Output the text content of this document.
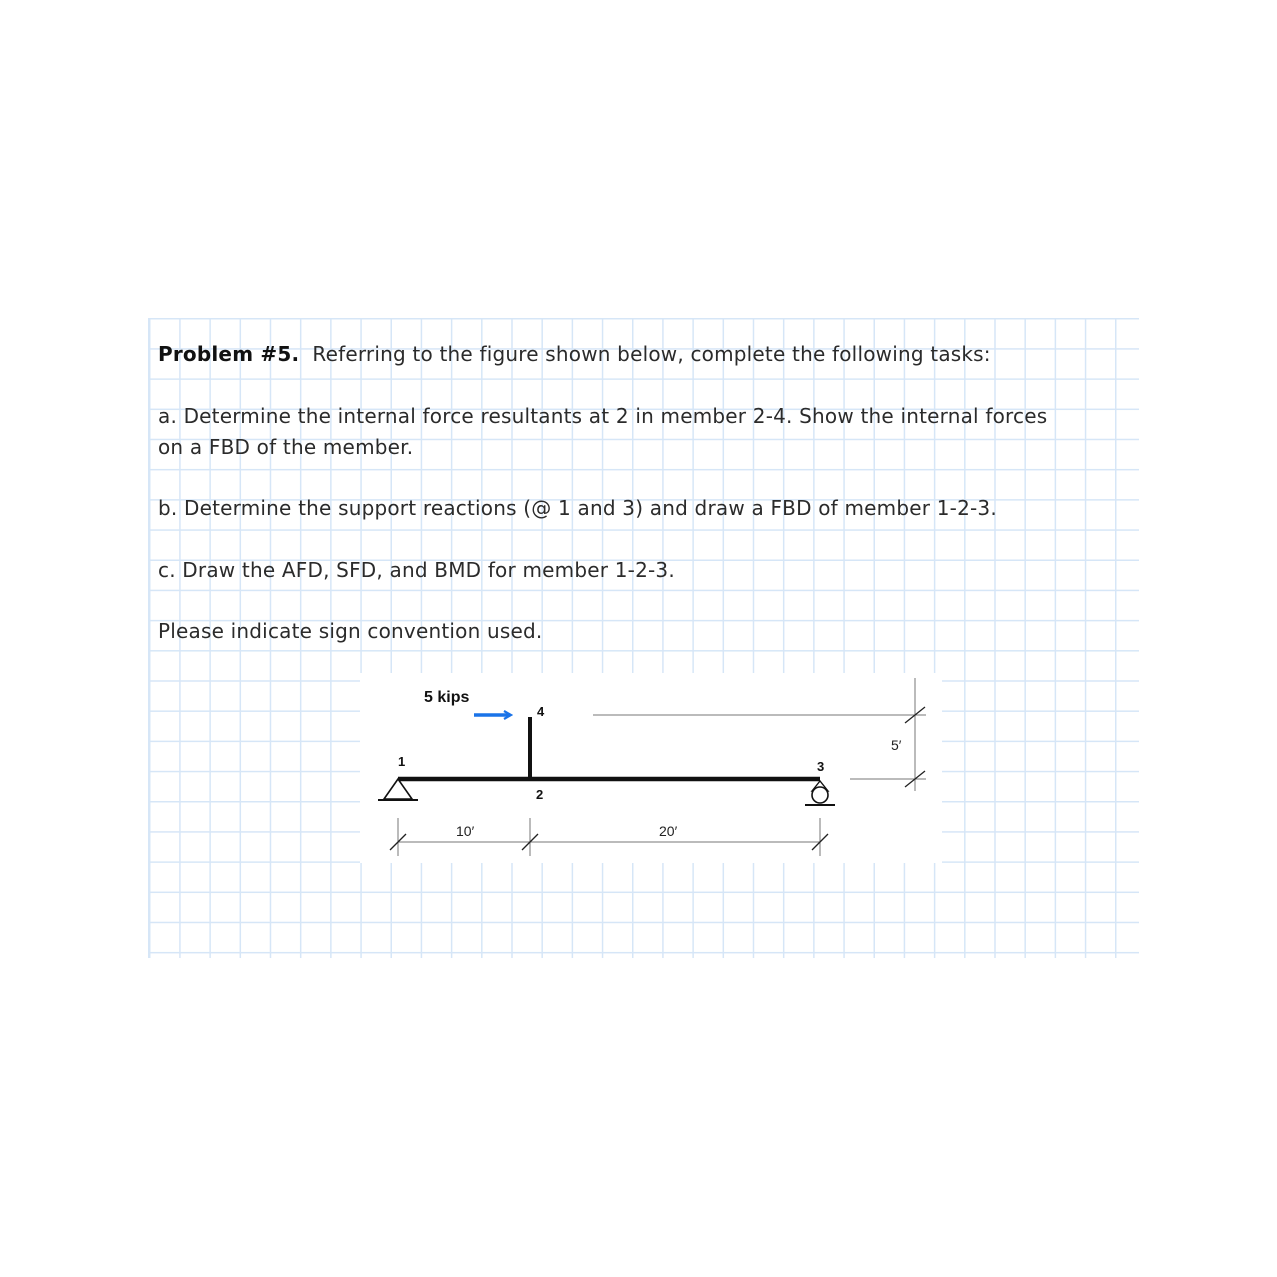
Problem #5. Referring to the figure shown below, complete the following tasks:

a. Determine the internal force resultants at 2 in member 2-4. Show the internal forces

on a FBD of the member.

b. Determine the support reactions (@ 1 and 3) and draw a FBD of member 1-2-3.

c. Draw the AFD, SFD, and BMD for member 1-2-3.

Please indicate sign convention used.

5 kips
1
2
3
4
10′	20′
5′
